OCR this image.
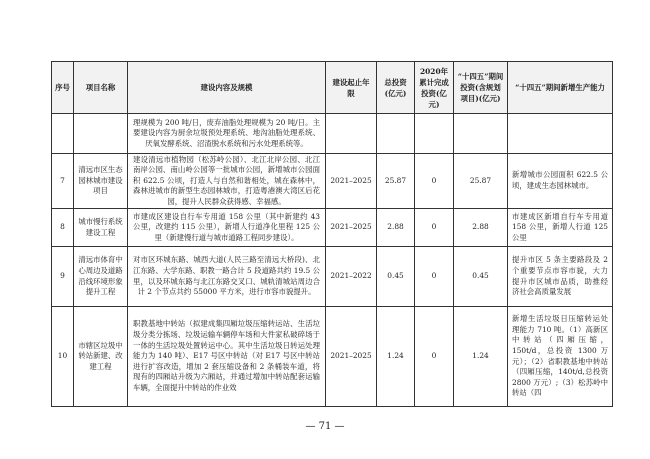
序号	项目名称	建设内容及规模	建设起止年限	总投资(亿元)	2020年累计完成投资(亿元)	“十四五”期间投资(含规划项目)(亿元)	“十四五”期间新增生产能力
		理规模为 200 吨/日，废弃油脂处理规模为 20 吨/日。主要建设内容为厨余垃圾预处理系统、地沟油脂处理系统、厌氧发酵系统、沼渣脱水系统和污水处理系统等。					
7	清远市区生态园林城市建设项目	建设清远市植物园（松苏岭公园）、北江北岸公园、北江南岸公园、南山岭公园等一批城市公园，新增城市公园面积 622.5 公顷，打造人与自然和谐相处，城在森林中，森林进城市的新型生态园林城市，打造粤港澳大湾区后花园，提升人民群众获得感、幸福感。	2021–2025	25.87	0	25.87	新增城市公园面积 622.5 公顷，建成生态园林城市。
8	城市慢行系统建设工程	市建成区建设自行车专用道 158 公里（其中新建约 43 公里，改建约 115 公里），新增人行道净化里程 125 公里（新建慢行道与城市道路工程同步建设）。	2021–2025	2.88	0	2.88	市建成区新增自行车专用道 158 公里，新增人行道 125 公里
9	清远市体育中心周边及道路沿线环境形象提升工程	对市区环城东路、城西大道(人民三路至清远大桥段)、北江东路、大学东路、职教一路合计 5 段道路共约 19.5 公里，以及环城东路与北江东路交叉口、城轨清城站周边合计 2 个节点共约 55000 平方米，进行市容市貌提升。	2021–2022	0.45	0	0.45	提升市区 5 条主要路段及 2 个重要节点市容市貌，大力提升市区城市品质，助推经济社会高质量发展
10	市辖区垃圾中转站新建、改建工程	职教基地中转站（拟建成集四厢垃圾压缩转运站、生活垃圾分类分拣场、垃圾运输车辆停车场和大件家私破碎场于一体的生活垃圾处置转运中心。其中生活垃圾日转运处理能力为 140 吨）、E17 号区中转站（对 E17 号区中转站进行扩容改造，增加 2 套压缩设备和 2 条桶装车道，将现有的四厢站升级为六厢站，并通过增加中转站配套运输车辆，全面提升中转站的作业效	2021–2025	1.24	0	1.24	新增生活垃圾日压缩转运处理能力 710 吨。（1）高新区中转站（四厢压缩，150t/d，总投资 1300 万元）；（2）省职教基地中转站（四厢压缩，140t/d,总投资 2800 万元）;（3）松苏岭中转站（四
— 71 —
